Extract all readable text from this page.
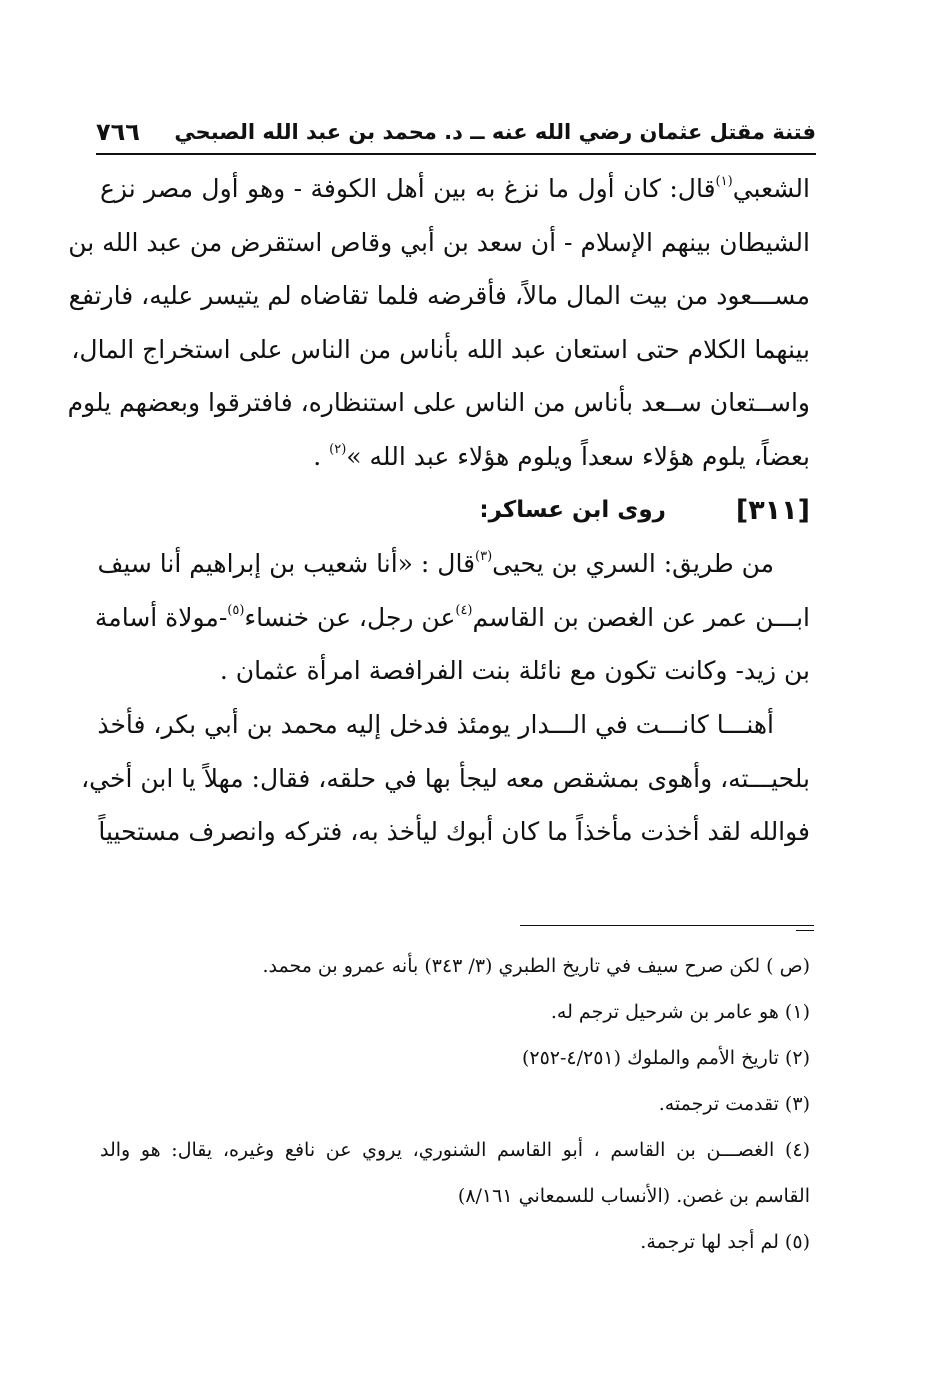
فتنة مقتل عثمان رضي الله عنه ــ د. محمد بن عبد الله الصبحي
٧٦٦
الشعبي$^{(١)}$قال: كان أول ما نزغ به بين أهل الكوفة - وهو أول مصر نزع
الشيطان بينهم الإسلام - أن سعد بن أبي وقاص استقرض من عبد الله بن
مســـعود من بيت المال مالاً، فأقرضه فلما تقاضاه لم يتيسر عليه، فارتفع
بينهما الكلام حتى استعان عبد الله بأناس من الناس على استخراج المال،
واســتعان ســعد بأناس من الناس على استنظاره، فافترقوا وبعضهم يلوم
بعضاً، يلوم هؤلاء سعداً ويلوم هؤلاء عبد الله »$^{(٢)}$ .
[٣١١]
روى ابن عساكر:
من طريق: السري بن يحيى$^{(٣)}$قال : «أنا شعيب بن إبراهيم أنا سيف
ابـــن عمر عن الغصن بن القاسم$^{(٤)}$عن رجل، عن خنساء$^{(٥)}$-مولاة أسامة
بن زيد- وكانت تكون مع نائلة بنت الفرافصة امرأة عثمان .
أهنـــا كانـــت في الـــدار يومئذ فدخل إليه محمد بن أبي بكر، فأخذ
بلحيـــته، وأهوى بمشقص معه ليجأ بها في حلقه، فقال: مهلاً يا ابن أخي،
فوالله لقد أخذت مأخذاً ما كان أبوك ليأخذ به، فتركه وانصرف مستحيياً
(ص ) لكن صرح سيف في تاريخ الطبري (٣/ ٣٤٣) بأنه عمرو بن محمد.
(١) هو عامر بن شرحيل ترجم له.
(٢) تاريخ الأمم والملوك (٤/٢٥١-٢٥٢)
(٣) تقدمت ترجمته.
(٤) الغصـــن بن القاسم ، أبو القاسم الشنوري، يروي عن نافع وغيره، يقال: هو والد
القاسم بن غصن. (الأنساب للسمعاني ٨/١٦١)
(٥) لم أجد لها ترجمة.
